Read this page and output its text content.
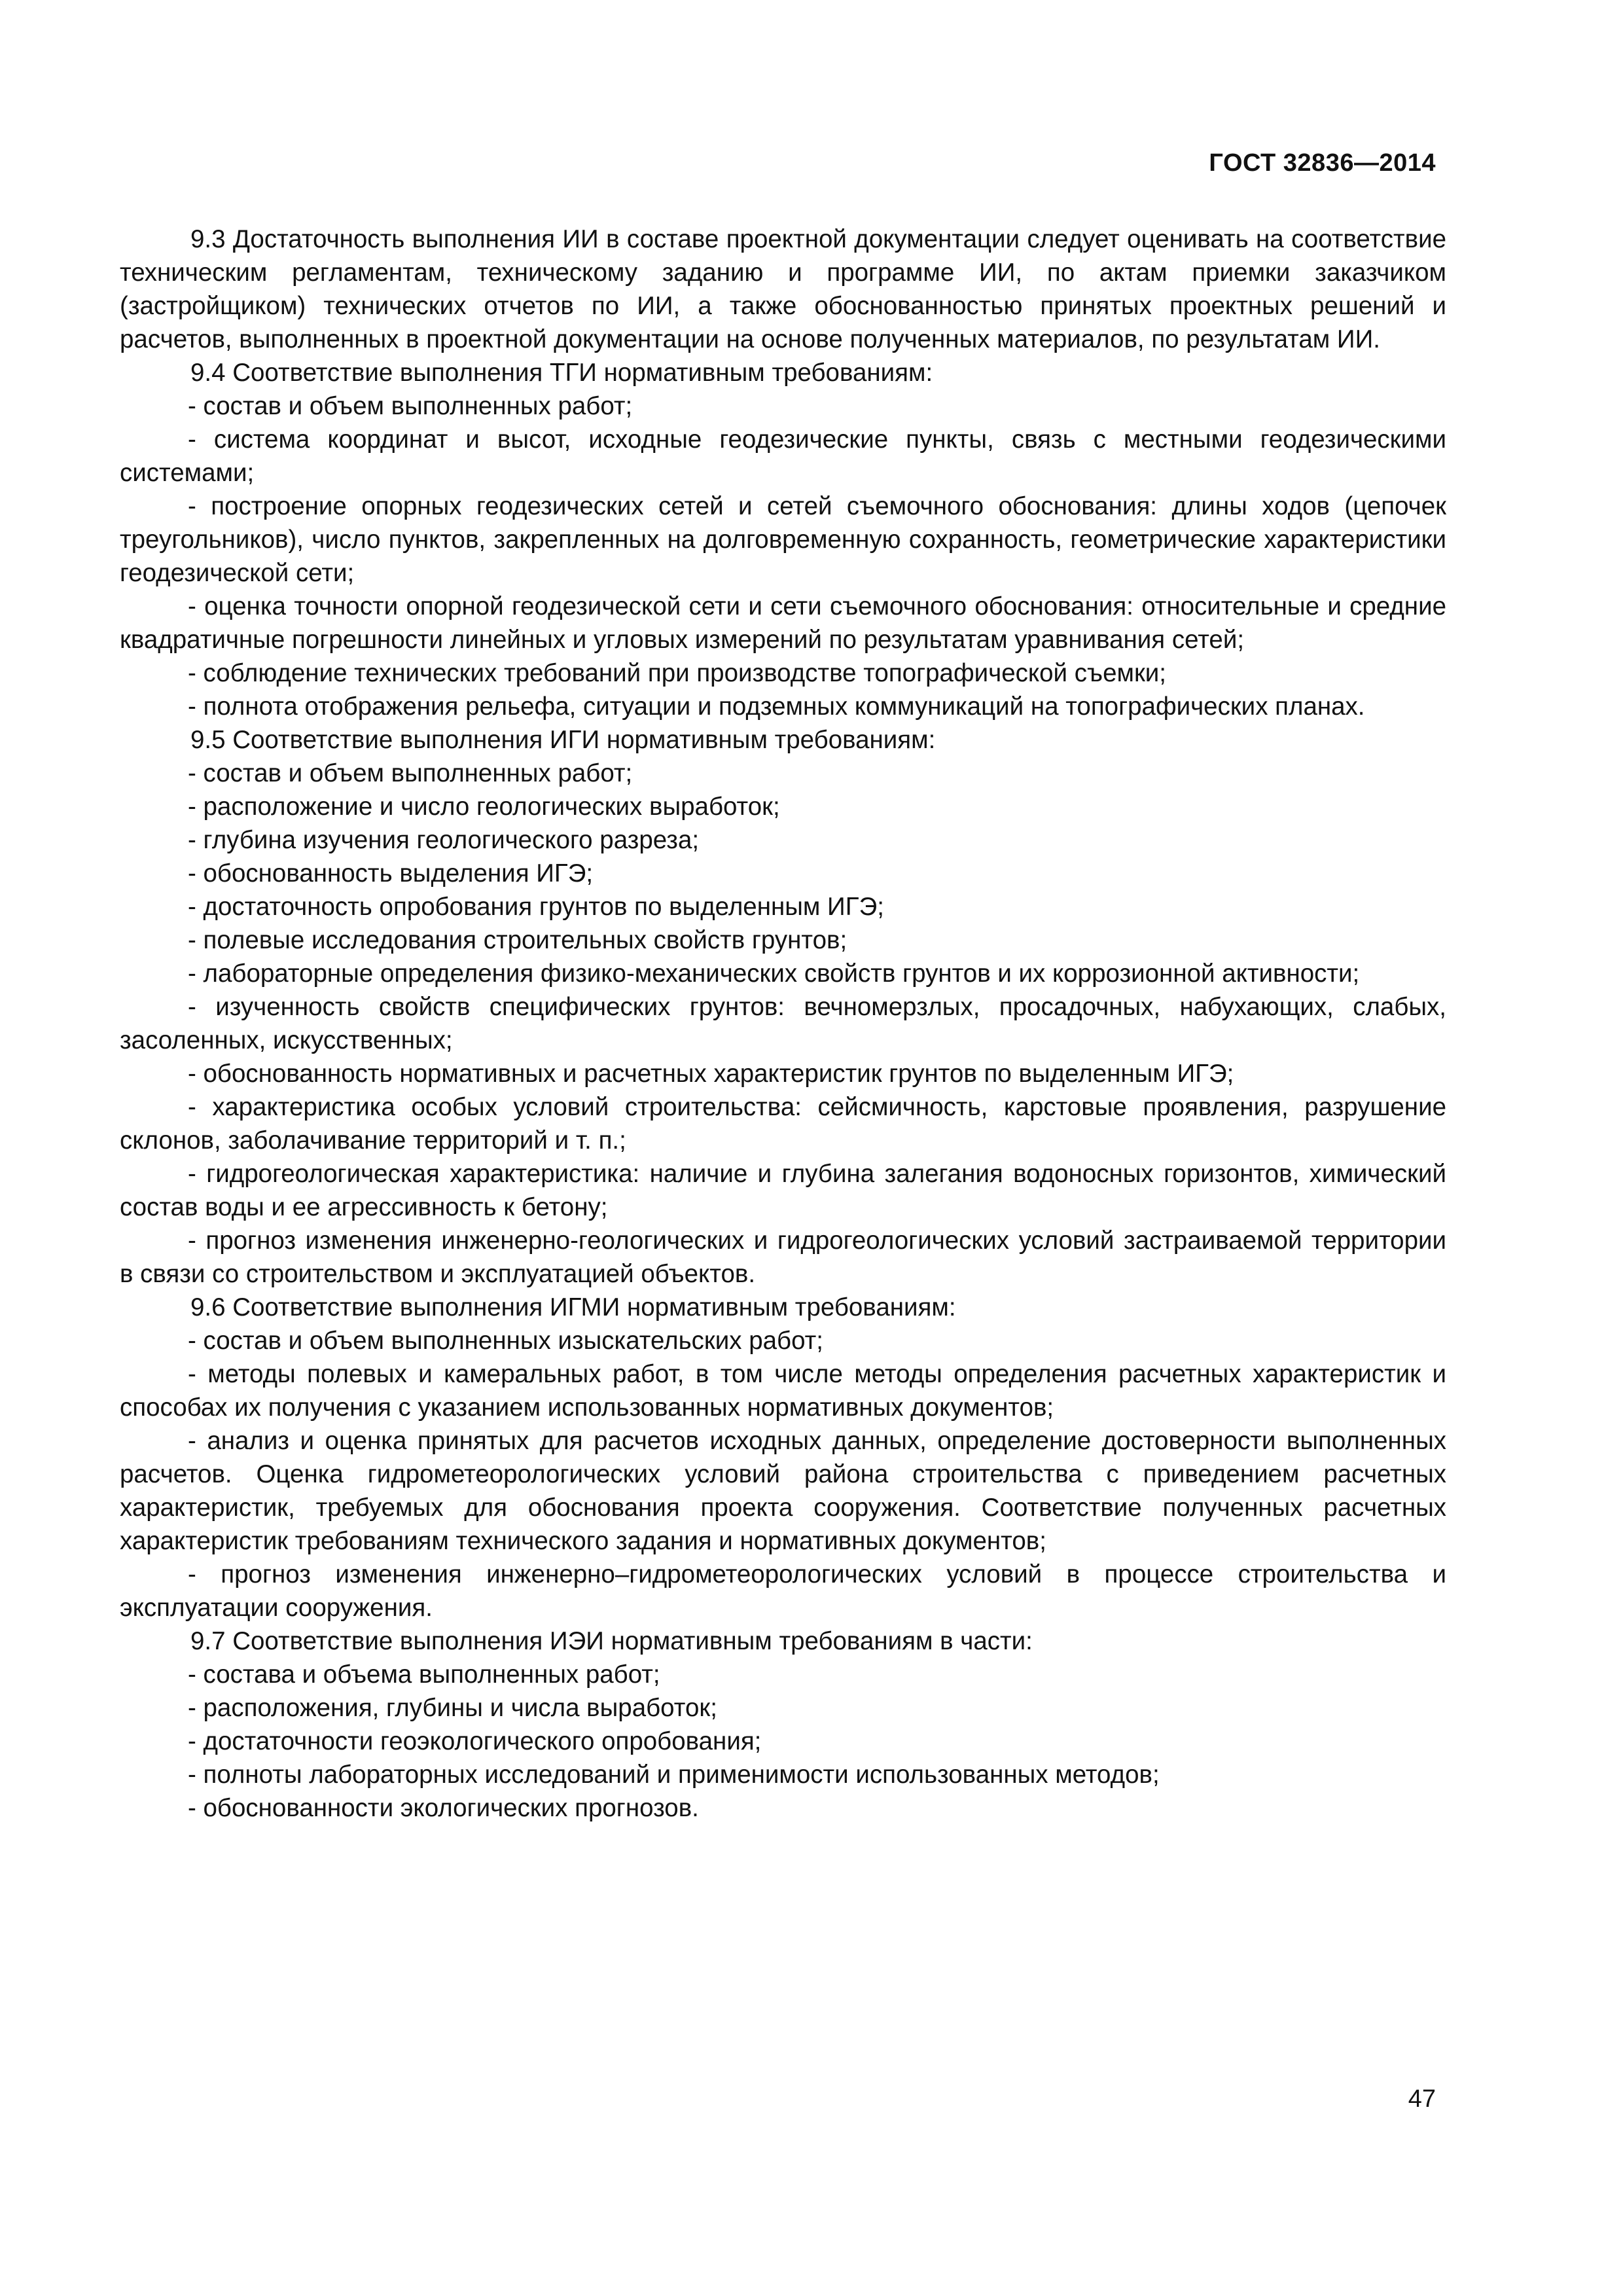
ГОСТ 32836—2014

9.3 Достаточность выполнения ИИ в составе проектной документации следует оценивать на соответствие техническим регламентам, техническому заданию и программе ИИ, по актам приемки заказчиком (застройщиком) технических отчетов по ИИ, а также обоснованностью принятых проектных решений и расчетов, выполненных в проектной документации на основе полученных материалов, по результатам ИИ.

9.4 Соответствие выполнения ТГИ нормативным требованиям:

- состав и объем выполненных работ;

- система координат и высот, исходные геодезические пункты, связь с местными геодезическими системами;

- построение опорных геодезических сетей и сетей съемочного обоснования: длины ходов (цепочек треугольников), число пунктов, закрепленных на долговременную сохранность, геометрические характеристики геодезической сети;

- оценка точности опорной геодезической сети и сети съемочного обоснования: относительные и средние квадратичные погрешности линейных и угловых измерений по результатам уравнивания сетей;

- соблюдение технических требований при производстве топографической съемки;

- полнота отображения рельефа, ситуации и подземных коммуникаций на топографических планах.

9.5 Соответствие выполнения ИГИ нормативным требованиям:

- состав и объем выполненных работ;

- расположение и число геологических выработок;

- глубина изучения геологического разреза;

- обоснованность выделения ИГЭ;

- достаточность опробования грунтов по выделенным ИГЭ;

- полевые исследования строительных свойств грунтов;

- лабораторные определения физико-механических свойств грунтов и их коррозионной активности;

- изученность свойств специфических грунтов: вечномерзлых, просадочных, набухающих, слабых, засоленных, искусственных;

- обоснованность нормативных и расчетных характеристик грунтов по выделенным ИГЭ;

- характеристика особых условий строительства: сейсмичность, карстовые проявления, разрушение склонов, заболачивание территорий и т. п.;

- гидрогеологическая характеристика: наличие и глубина залегания водоносных горизонтов, химический состав воды и ее агрессивность к бетону;

- прогноз изменения инженерно-геологических и гидрогеологических условий застраиваемой территории в связи со строительством и эксплуатацией объектов.

9.6 Соответствие выполнения ИГМИ нормативным требованиям:

- состав и объем выполненных изыскательских работ;

- методы полевых и камеральных работ, в том числе методы определения расчетных характеристик и способах их получения с указанием использованных нормативных документов;

- анализ и оценка принятых для расчетов исходных данных, определение достоверности выполненных расчетов. Оценка гидрометеорологических условий района строительства с приведением расчетных характеристик, требуемых для обоснования проекта сооружения. Соответствие полученных расчетных характеристик требованиям технического задания и нормативных документов;

- прогноз изменения инженерно–гидрометеорологических условий в процессе строительства и эксплуатации сооружения.

9.7 Соответствие выполнения ИЭИ нормативным требованиям в части:

- состава и объема выполненных работ;

- расположения, глубины и числа выработок;

- достаточности геоэкологического опробования;

- полноты лабораторных исследований и применимости использованных методов;

- обоснованности экологических прогнозов.

47
